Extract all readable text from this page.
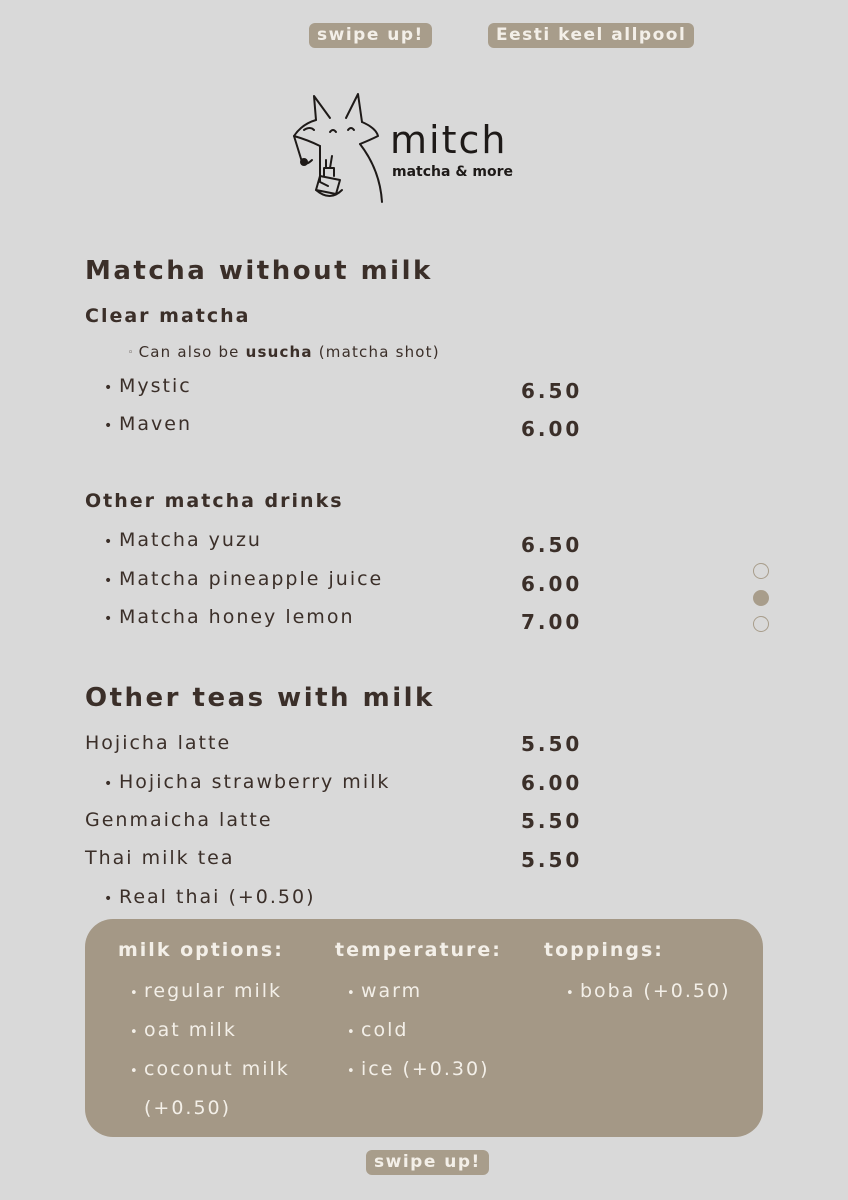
swipe up!	Eesti keel allpool
mitch
matcha & more
Matcha without milk
Clear matcha
◦ Can also be usucha (matcha shot)
• Mystic	6.50
• Maven	6.00
Other matcha drinks
• Matcha yuzu	6.50
• Matcha pineapple juice	6.00
• Matcha honey lemon	7.00
Other teas with milk
Hojicha latte	5.50
• Hojicha strawberry milk	6.00
Genmaicha latte	5.50
Thai milk tea	5.50
• Real thai (+0.50)
milk options:
• regular milk
• oat milk
• coconut milk
(+0.50)
temperature:
• warm
• cold
• ice (+0.30)
toppings:
• boba (+0.50)
swipe up!
